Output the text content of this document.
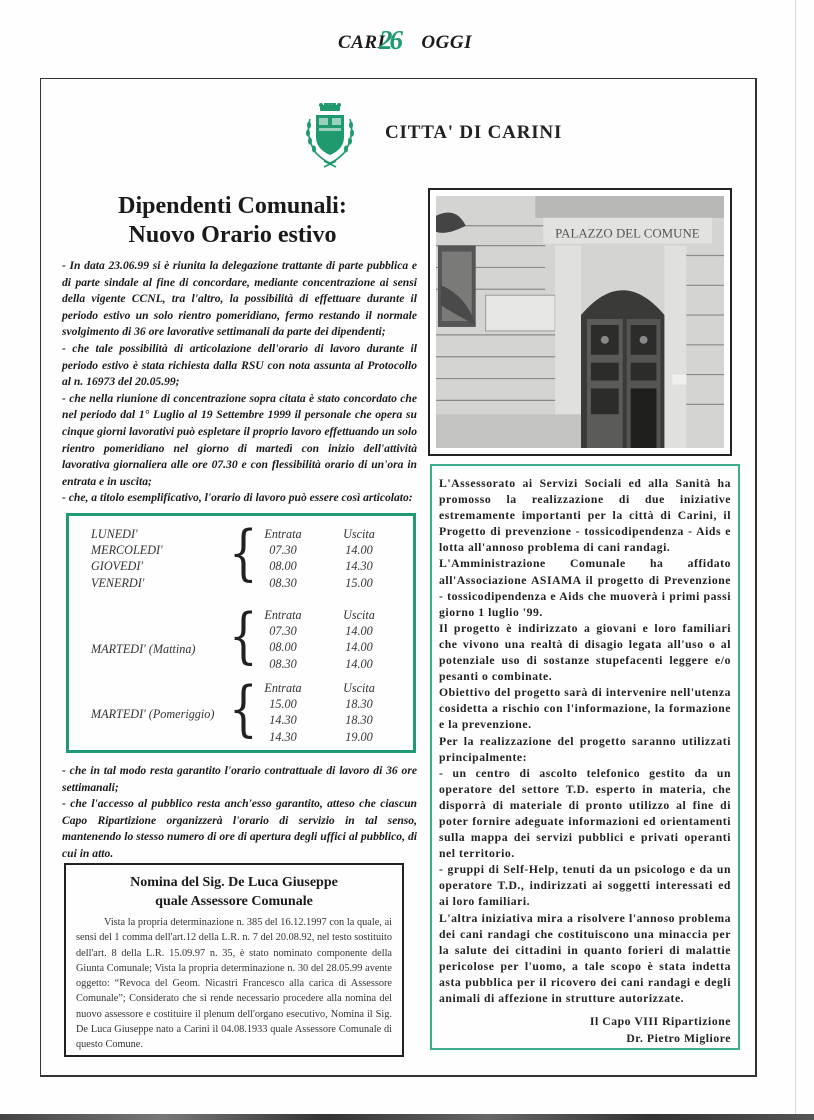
CARI OGGI
26
CITTA' DI CARINI
Dipendenti Comunali:
Nuovo Orario estivo

- In data 23.06.99 si è riunita la delegazione trattante di parte pubblica e di parte sindale al fine di concordare, mediante concentrazione ai sensi della vigente CCNL, tra l'altro, la possibilità di effettuare durante il periodo estivo un solo rientro pomeridiano, fermo restando il normale svolgimento di 36 ore lavorative settimanali da parte dei dipendenti;

- che tale possibilità di articolazione dell'orario di lavoro durante il periodo estivo è stata richiesta dalla RSU con nota assunta al Protocollo al n. 16973 del 20.05.99;

- che nella riunione di concentrazione sopra citata è stato concordato che nel periodo dal 1° Luglio al 19 Settembre 1999 il personale che opera su cinque giorni lavorativi può espletare il proprio lavoro effettuando un solo rientro pomeridiano nel giorno di martedì con inizio dell'attività lavorativa giornaliera alle ore 07.30 e con flessibilità orario di un'ora in entrata e in uscita;

- che, a titolo esemplificativo, l'orario di lavoro può essere così articolato:

LUNEDI'
MERCOLEDI'
GIOVEDI'
VENERDI'	{ Entrata
07.30
08.00
08.30
Uscita
14.00
14.30
15.00
MARTEDI' (Mattina) { Entrata
07.30
08.00
08.30
Uscita
14.00
14.00
14.00
MARTEDI' (Pomeriggio) { Entrata
15.00
14.30
14.30
Uscita
18.30
18.30
19.00

- che in tal modo resta garantito l'orario contrattuale di lavoro di 36 ore settimanali;

- che l'accesso al pubblico resta anch'esso garantito, atteso che ciascun Capo Ripartizione organizzerà l'orario di servizio in tal senso, mantenendo lo stesso numero di ore di apertura degli uffici al pubblico, di cui in atto.

Nomina del Sig. De Luca Giuseppe
quale Assessore Comunale

Vista la propria determinazione n. 385 del 16.12.1997 con la quale, ai sensi del 1 comma dell'art.12 della L.R. n. 7 del 20.08.92, nel testo sostituito dell'art. 8 della L.R. 15.09.97 n. 35, è stato nominato componente della Giunta Comunale; Vista la propria determinazione n. 30 del 28.05.99 avente oggetto: “Revoca del Geom. Nicastri Francesco alla carica di Assessore Comunale”; Considerato che si rende necessario procedere alla nomina del nuovo assessore e costituire il plenum dell'organo esecutivo, Nomina il Sig. De Luca Giuseppe nato a Carini il 04.08.1933 quale Assessore Comunale di questo Comune.

PALAZZO DEL COMUNE

L'Assessorato ai Servizi Sociali ed alla Sanità ha promosso la realizzazione di due iniziative estremamente importanti per la città di Carini, il Progetto di prevenzione - tossicodipendenza - Aids e lotta all'annoso problema di cani randagi.

L'Amministrazione Comunale ha affidato all'Associazione ASIAMA il progetto di Prevenzione - tossicodipendenza e Aids che muoverà i primi passi giorno 1 luglio '99.

Il progetto è indirizzato a giovani e loro familiari che vivono una realtà di disagio legata all'uso o al potenziale uso di sostanze stupefacenti leggere e/o pesanti o combinate.

Obiettivo del progetto sarà di intervenire nell'utenza cosidetta a rischio con l'informazione, la formazione e la prevenzione.

Per la realizzazione del progetto saranno utilizzati principalmente:

- un centro di ascolto telefonico gestito da un operatore del settore T.D. esperto in materia, che disporrà di materiale di pronto utilizzo al fine di poter fornire adeguate informazioni ed orientamenti sulla mappa dei servizi pubblici e privati operanti nel territorio.

- gruppi di Self-Help, tenuti da un psicologo e da un operatore T.D., indirizzati ai soggetti interessati ed ai loro familiari.

L'altra iniziativa mira a risolvere l'annoso problema dei cani randagi che costituiscono una minaccia per la salute dei cittadini in quanto forieri di malattie pericolose per l'uomo, a tale scopo è stata indetta asta pubblica per il ricovero dei cani randagi e degli animali di affezione in strutture autorizzate.

Il Capo VIII Ripartizione
Dr. Pietro Migliore
